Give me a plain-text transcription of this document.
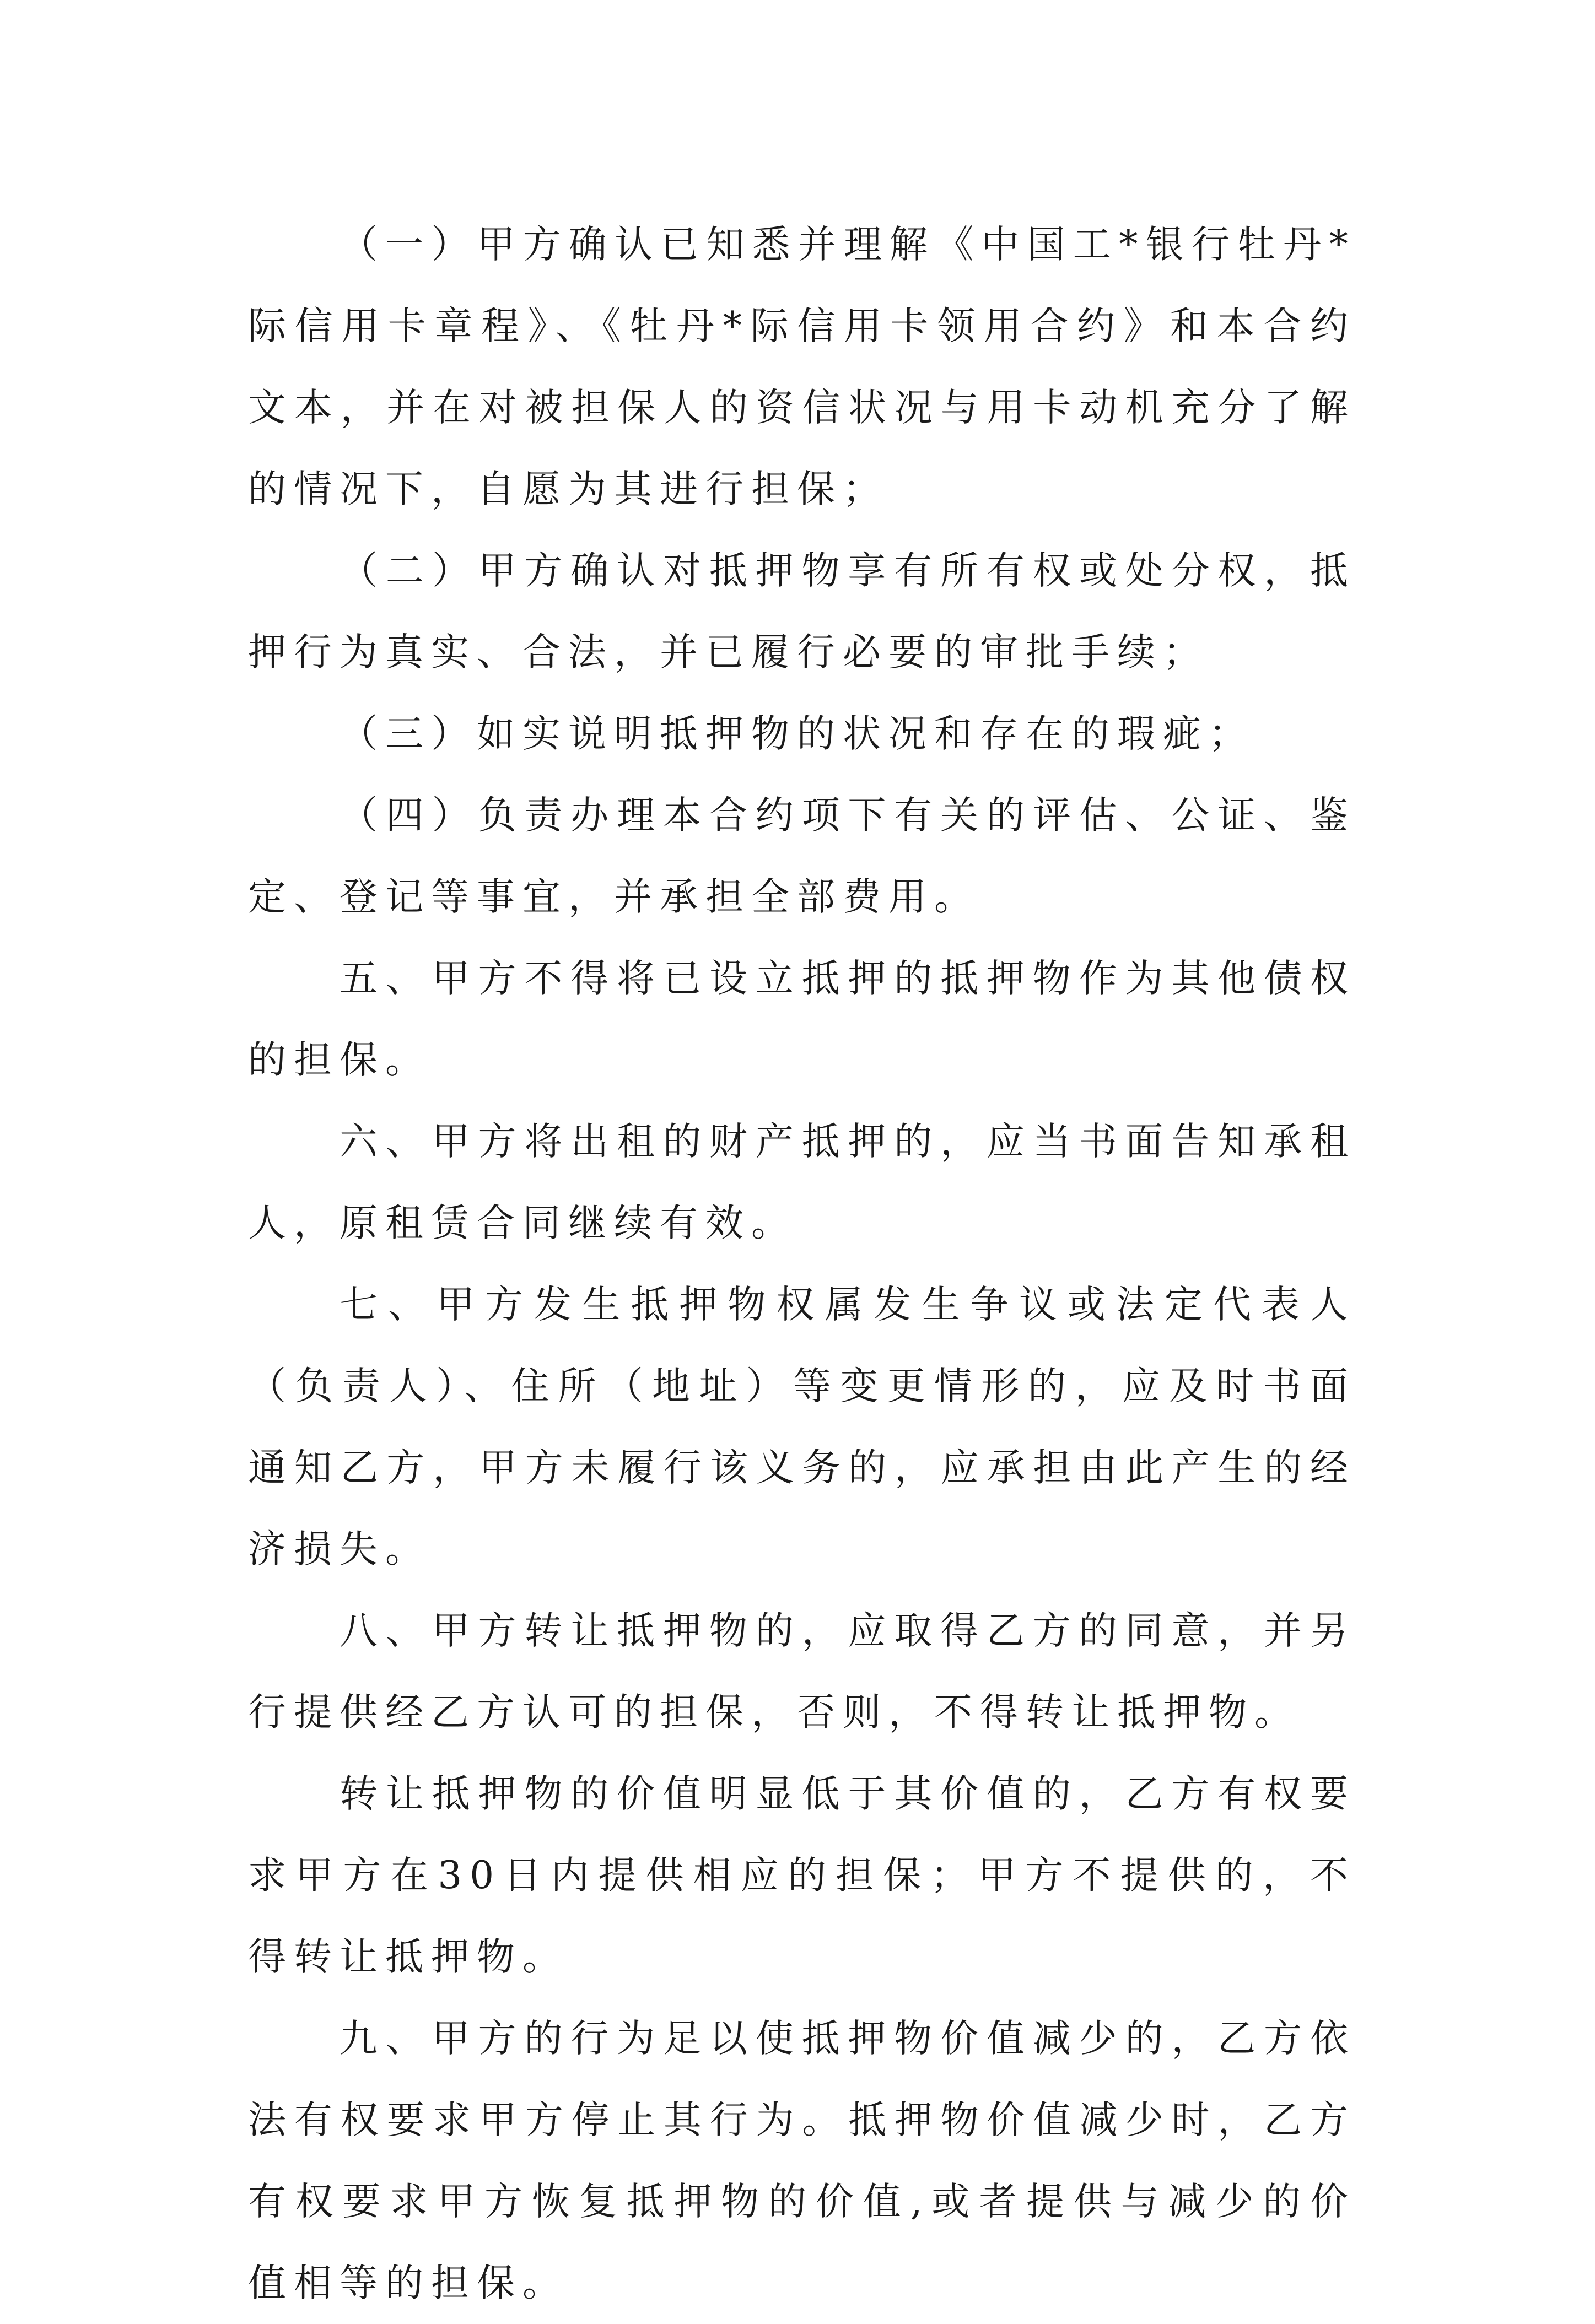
（一）甲方确认已知悉并理解《中国工*银行牡丹*际信用卡章程》、《牡丹*际信用卡领用合约》和本合约文本，并在对被担保人的资信状况与用卡动机充分了解的情况下，自愿为其进行担保；

（二）甲方确认对抵押物享有所有权或处分权，抵押行为真实、合法，并已履行必要的审批手续；

（三）如实说明抵押物的状况和存在的瑕疵；

（四）负责办理本合约项下有关的评估、公证、鉴定、登记等事宜，并承担全部费用。

五、甲方不得将已设立抵押的抵押物作为其他债权的担保。

六、甲方将出租的财产抵押的，应当书面告知承租人，原租赁合同继续有效。

七、甲方发生抵押物权属发生争议或法定代表人（负责人）、住所（地址）等变更情形的，应及时书面通知乙方，甲方未履行该义务的，应承担由此产生的经济损失。

八、甲方转让抵押物的，应取得乙方的同意，并另行提供经乙方认可的担保，否则，不得转让抵押物。

转让抵押物的价值明显低于其价值的，乙方有权要求甲方在30日内提供相应的担保；甲方不提供的，不得转让抵押物。

九、甲方的行为足以使抵押物价值减少的，乙方依法有权要求甲方停止其行为。抵押物价值减少时，乙方有权要求甲方恢复抵押物的价值,或者提供与减少的价值相等的担保。
